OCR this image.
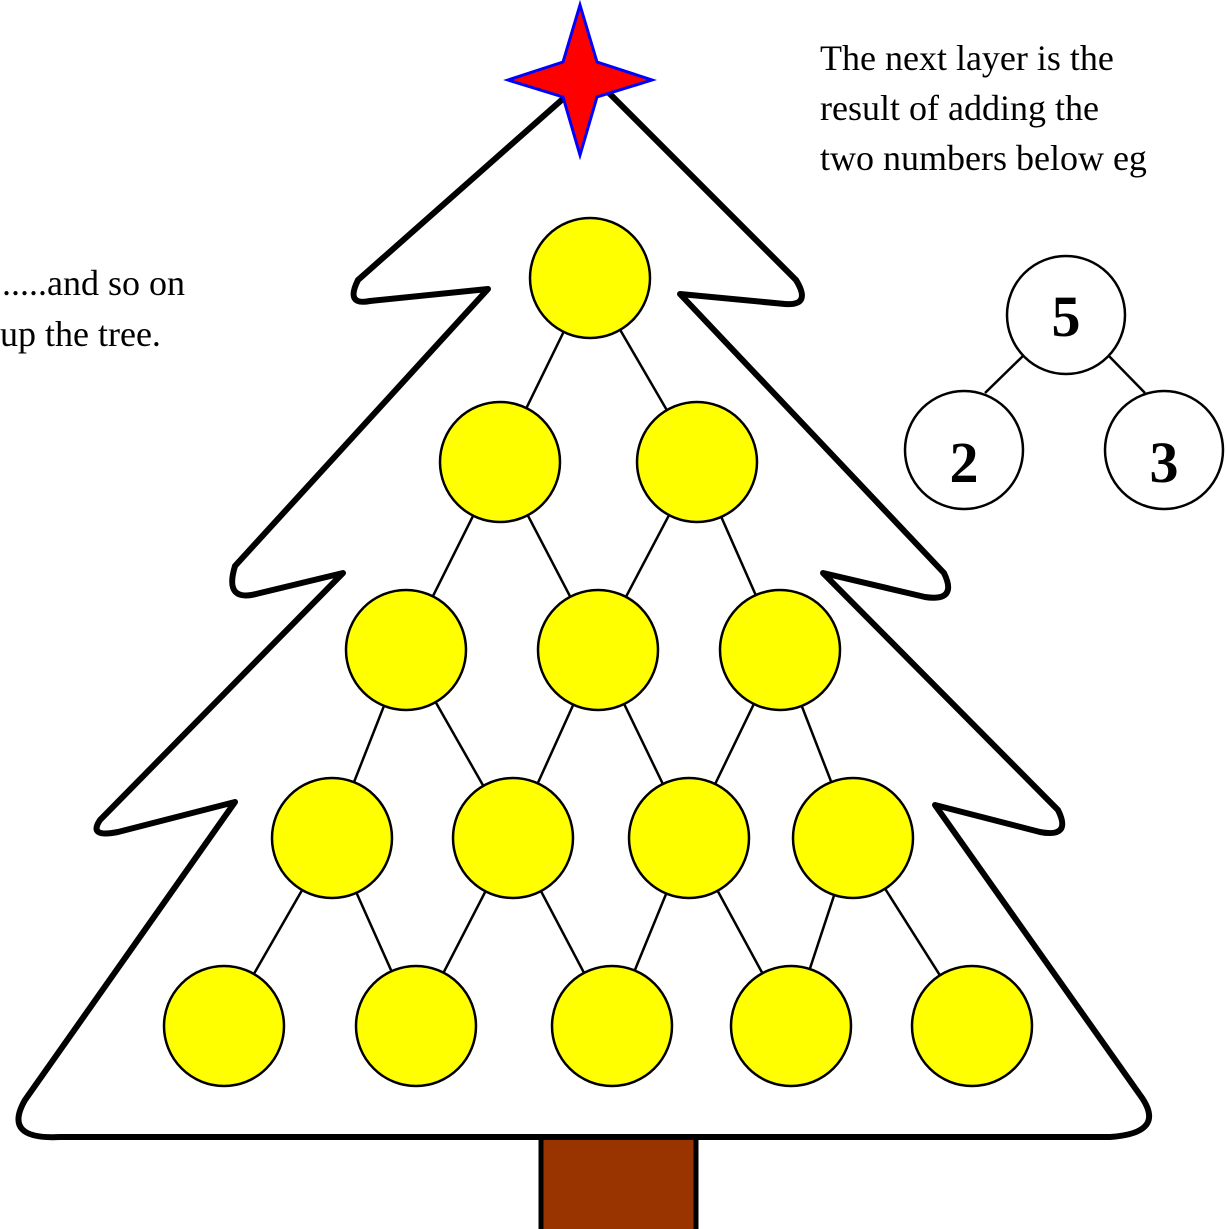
The next layer is the
result of adding the
two numbers below eg
.....and so on
up the tree.	5
2	3
